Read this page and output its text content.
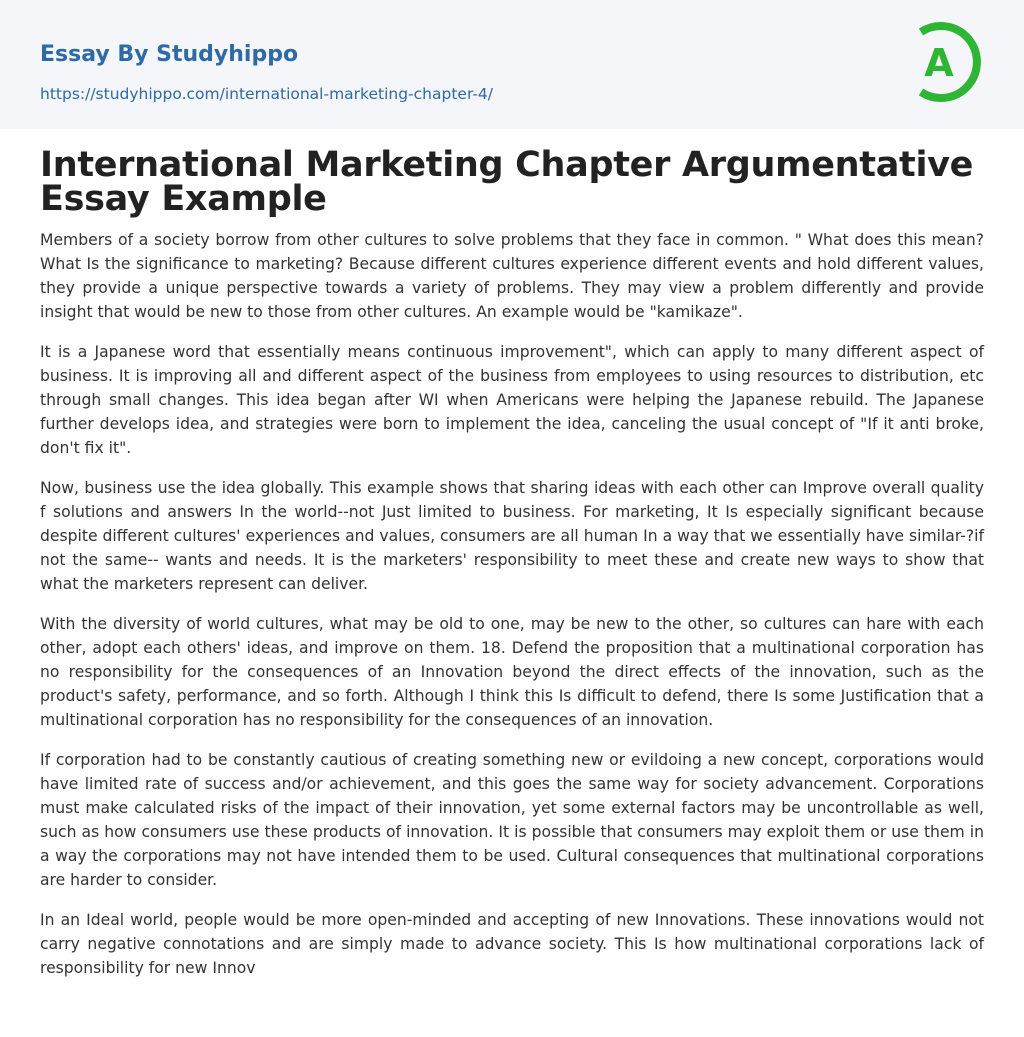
Essay By Studyhippo
https://studyhippo.com/international-marketing-chapter-4/
A
International Marketing Chapter Argumentative Essay Example

Members of a society borrow from other cultures to solve problems that they face in common. " What does this mean? What Is the significance to marketing? Because different cultures experience different events and hold different values, they provide a unique perspective towards a variety of problems. They may view a problem differently and provide insight that would be new to those from other cultures. An example would be "kamikaze".

It is a Japanese word that essentially means continuous improvement", which can apply to many different aspect of business. It is improving all and different aspect of the business from employees to using resources to distribution, etc through small changes. This idea began after WI when Americans were helping the Japanese rebuild. The Japanese further develops idea, and strategies were born to implement the idea, canceling the usual concept of "If it anti broke, don't fix it".

Now, business use the idea globally. This example shows that sharing ideas with each other can Improve overall quality f solutions and answers In the world--not Just limited to business. For marketing, It Is especially significant because despite different cultures' experiences and values, consumers are all human In a way that we essentially have similar-?if not the same-- wants and needs. It is the marketers' responsibility to meet these and create new ways to show that what the marketers represent can deliver.

With the diversity of world cultures, what may be old to one, may be new to the other, so cultures can hare with each other, adopt each others' ideas, and improve on them. 18. Defend the proposition that a multinational corporation has no responsibility for the consequences of an Innovation beyond the direct effects of the innovation, such as the product's safety, performance, and so forth. Although I think this Is difficult to defend, there Is some Justification that a multinational corporation has no responsibility for the consequences of an innovation.

If corporation had to be constantly cautious of creating something new or evildoing a new concept, corporations would have limited rate of success and/or achievement, and this goes the same way for society advancement. Corporations must make calculated risks of the impact of their innovation, yet some external factors may be uncontrollable as well, such as how consumers use these products of innovation. It is possible that consumers may exploit them or use them in a way the corporations may not have intended them to be used. Cultural consequences that multinational corporations are harder to consider.

In an Ideal world, people would be more open-minded and accepting of new Innovations. These innovations would not carry negative connotations and are simply made to advance society. This Is how multinational corporations lack of responsibility for new Innov
